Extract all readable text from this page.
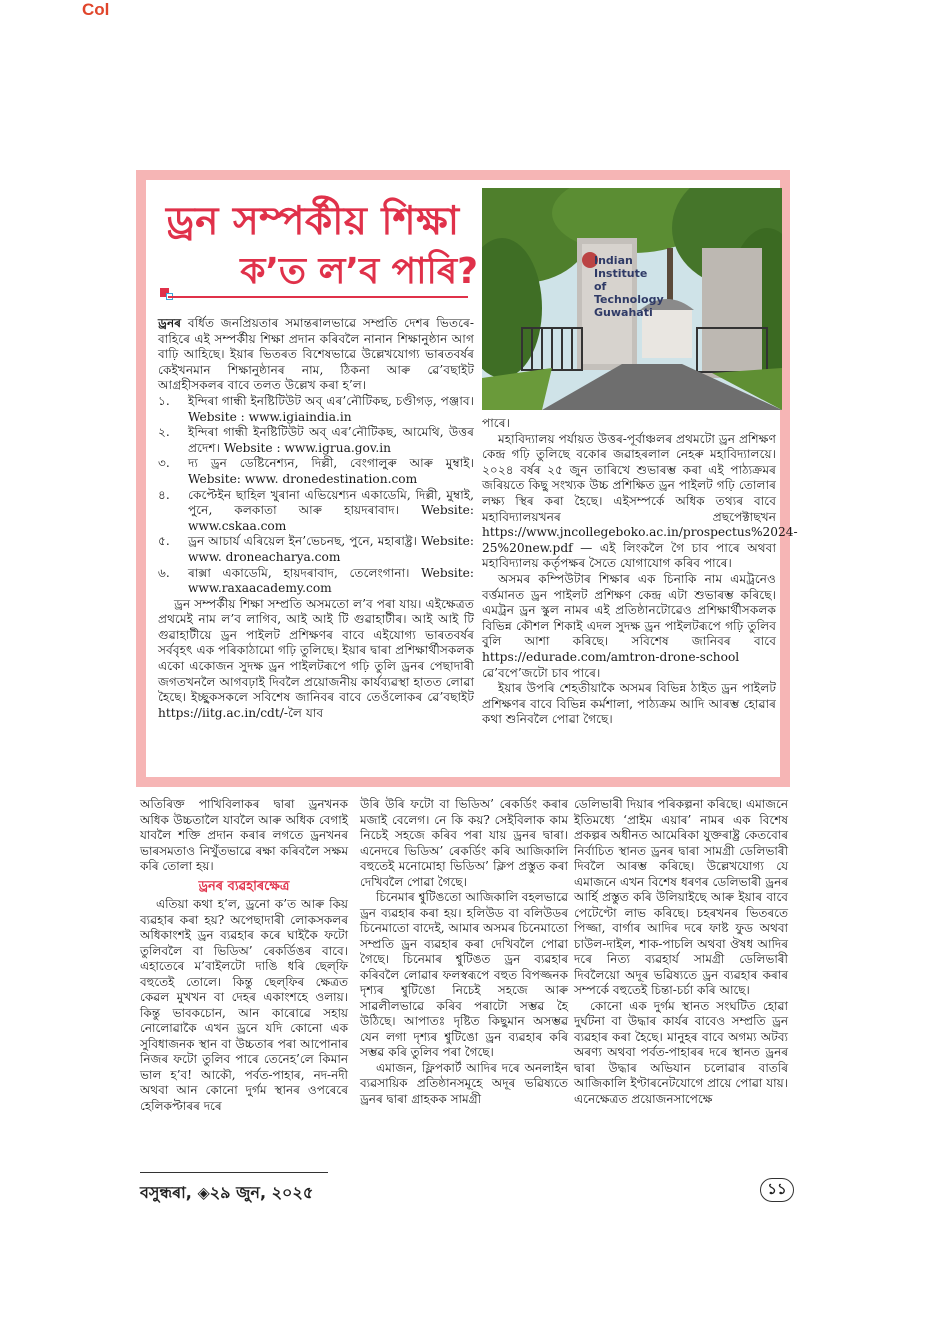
Col
ড্ৰন সম্পৰ্কীয় শিক্ষা
ক’ত ল’ব পাৰি?	Indian
Institute
of
Technology
Guwahati

ড্ৰনৰ বৰ্ধিত জনপ্ৰিয়তাৰ সমান্তৰালভাৱে সম্প্ৰতি দেশৰ ভিতৰে-বাহিৰে এই সম্পৰ্কীয় শিক্ষা প্ৰদান কৰিবলৈ নানান শিক্ষানুষ্ঠান আগ বাঢ়ি আহিছে। ইয়াৰ ভিতৰত বিশেষভাৱে উল্লেখযোগ্য ভাৰতবৰ্ষৰ কেইখনমান শিক্ষানুষ্ঠানৰ নাম, ঠিকনা আৰু ৱে’বছাইট আগ্ৰহীসকলৰ বাবে তলত উল্লেখ কৰা হ’ল।

১.	ইন্দিৰা গান্ধী ইনষ্টিটিউট অব্ এৰ’নৌটিকছ, চণ্ডীগড়, পঞ্জাব। Website : www.igiaindia.in
২.	ইন্দিৰা গান্ধী ইনষ্টিটিউট অব্ এৰ’নৌটিকছ, আমেথি, উত্তৰ প্ৰদেশ। Website : www.igrua.gov.in
৩.	দ্য ড্ৰন ডেষ্টিনেশ্যন, দিল্লী, বেংগালুৰু আৰু মুম্বাই। Website: www. dronedestination.com
৪.	কেপ্টেইন ছাহিল খুৰানা এভিয়েশ্যন একাডেমি, দিল্লী, মুম্বাই, পুনে, কলকাতা আৰু হায়দৰাবাদ। Website: www.cskaa.com
৫.	ড্ৰন আচাৰ্য এৰিয়েল ইন’ভেচনছ, পুনে, মহাৰাষ্ট্ৰ। Website: www. droneacharya.com
৬.	ৰাক্সা একাডেমি, হায়দৰাবাদ, তেলেংগানা। Website: www.raxaacademy.com

ড্ৰন সম্পৰ্কীয় শিক্ষা সম্প্ৰতি অসমতো ল’ব পৰা যায়। এইক্ষেত্ৰত প্ৰথমেই নাম ল’ব লাগিব, আই আই টি গুৱাহাটীৰ। আই আই টি গুৱাহাটীয়ে ড্ৰন পাইলট প্ৰশিক্ষণৰ বাবে এইযোগ্য ভাৰতবৰ্ষৰ সৰ্ববৃহৎ এক পৰিকাঠামো গঢ়ি তুলিছে। ইয়াৰ দ্বাৰা প্ৰশিক্ষাৰ্থীসকলক একো একোজন সুদক্ষ ড্ৰন পাইলটৰূপে গঢ়ি তুলি ড্ৰনৰ পেছাদাৰী জগতখনলৈ আগবঢ়াই দিবলৈ প্ৰয়োজনীয় কাৰ্যব্যৱস্থা হাতত লোৱা হৈছে। ইচ্ছুকসকলে সবিশেষ জানিবৰ বাবে তেওঁলোকৰ ৱে’বছাইট https://iitg.ac.in/cdt/-লৈ যাব

পাৰে।

মহাবিদ্যালয় পৰ্যায়ত উত্তৰ-পূৰ্বাঞ্চলৰ প্ৰথমটো ড্ৰন প্ৰশিক্ষণ কেন্দ্ৰ গঢ়ি তুলিছে বকোৰ জৱাহৰলাল নেহৰু মহাবিদ্যালয়ে। ২০২৪ বৰ্ষৰ ২৫ জুন তাৰিখে শুভাৰম্ভ কৰা এই পাঠ্যক্ৰমৰ জৰিয়তে কিছু সংখ্যক উচ্চ প্ৰশিক্ষিত ড্ৰন পাইলট গঢ়ি তোলাৰ লক্ষ্য স্থিৰ কৰা হৈছে। এইসম্পৰ্কে অধিক তথ্যৰ বাবে মহাবিদ্যালয়খনৰ প্ৰছপেক্টাছখন https://www.jncollegeboko.ac.in/prospectus%2024-25%20new.pdf — এই লিংকলৈ গৈ চাব পাৰে অথবা মহাবিদ্যালয় কৰ্তৃপক্ষৰ সৈতে যোগাযোগ কৰিব পাৰে।

অসমৰ কম্পিউটাৰ শিক্ষাৰ এক চিনাকি নাম এমট্ৰনেও বৰ্ত্তমানত ড্ৰন পাইলট প্ৰশিক্ষণ কেন্দ্ৰ এটা শুভাৰম্ভ কৰিছে। এমট্ৰন ড্ৰন স্কুল নামৰ এই প্ৰতিষ্ঠানটোৱেও প্ৰশিক্ষাৰ্থীসকলক বিভিন্ন কৌশল শিকাই এদল সুদক্ষ ড্ৰন পাইলটৰূপে গঢ়ি তুলিব বুলি আশা কৰিছে। সবিশেষ জানিবৰ বাবে https://edurade.com/amtron-drone-school ৱে’বপে’জটো চাব পাৰে।

ইয়াৰ উপৰি শেহতীয়াকৈ অসমৰ বিভিন্ন ঠাইত ড্ৰন পাইলট প্ৰশিক্ষণৰ বাবে বিভিন্ন কৰ্মশালা, পাঠ্যক্ৰম আদি আৰম্ভ হোৱাৰ কথা শুনিবলৈ পোৱা গৈছে।

অতিৰিক্ত পাখিবিলাকৰ দ্বাৰা ড্ৰনখনক অধিক উচ্চতালৈ যাবলৈ আৰু অধিক বেগাই যাবলৈ শক্তি প্ৰদান কৰাৰ লগতে ড্ৰনখনৰ ভাৰসমতাও নিখুঁতভাৱে ৰক্ষা কৰিবলৈ সক্ষম কৰি তোলা হয়।

ড্ৰনৰ ব্যৱহাৰক্ষেত্ৰ

এতিয়া কথা হ’ল, ড্ৰনো ক’ত আৰু কিয় ব্যৱহাৰ কৰা হয়? অপেছাদাৰী লোকসকলৰ অধিকাংশই ড্ৰন ব্যৱহাৰ কৰে ঘাইকৈ ফটো তুলিবলৈ বা ভিডিঅ’ ৰেকৰ্ডিঙৰ বাবে। এহাতেৰে ম’বাইলটো দাঙি ধৰি ছেল্‌ফি বহুতেই তোলে। কিন্তু ছেল্‌ফিৰ ক্ষেত্ৰত কেৱল মুখখন বা দেহৰ একাংশহে ওলায়। কিন্তু ভাবকচোন, আন কাৰোৱে সহায় নোলোৱাকৈ এখন ড্ৰনে যদি কোনো এক সুবিধাজনক স্থান বা উচ্চতাৰ পৰা আপোনাৰ নিজৰ ফটো তুলিব পাৰে তেনেহ’লে কিমান ভাল হ’ব! আকৌ, পৰ্বত-পাহাৰ, নদ-নদী অথবা আন কোনো দুৰ্গম স্থানৰ ওপৰেৰে হেলিকপ্টাৰৰ দৰে

উৰি উৰি ফটো বা ভিডিঅ’ ৰেকৰ্ডিং কৰাৰ মজাই বেলেগ। নে কি কয়? সেইবিলাক কাম নিচেই সহজে কৰিব পৰা যায় ড্ৰনৰ দ্বাৰা। এনেদৰে ভিডিঅ’ ৰেকৰ্ডিং কৰি আজিকালি বহুতেই মনোমোহা ভিডিঅ’ ক্লিপ প্ৰস্তুত কৰা দেখিবলৈ পোৱা গৈছে।

চিনেমাৰ শ্বুটিঙতো আজিকালি বহলভাৱে ড্ৰন ব্যৱহাৰ কৰা হয়। হলিউড বা বলিউডৰ চিনেমাতো বাদেই, আমাৰ অসমৰ চিনেমাতো সম্প্ৰতি ড্ৰন ব্যৱহাৰ কৰা দেখিবলৈ পোৱা গৈছে। চিনেমাৰ শ্বুটিঙত ড্ৰন ব্যৱহাৰ কৰিবলৈ লোৱাৰ ফলস্বৰূপে বহুত বিপজ্জনক দৃশ্যৰ শ্বুটিঙো নিচেই সহজে আৰু সাৱলীলভাৱে কৰিব পৰাটো সম্ভৱ হৈ উঠিছে। আপাতঃ দৃষ্টিত কিছুমান অসম্ভৱ যেন লগা দৃশ্যৰ শ্বুটিঙো ড্ৰন ব্যৱহাৰ কৰি সম্ভৱ কৰি তুলিব পৰা গৈছে।

এমাজন, ফ্লিপকাৰ্ট আদিৰ দৰে অনলাইন ব্যৱসায়িক প্ৰতিষ্ঠানসমূহে অদূৰ ভৱিষ্যতে ড্ৰনৰ দ্বাৰা গ্ৰাহকক সামগ্ৰী

ডেলিভাৰী দিয়াৰ পৰিকল্পনা কৰিছে। এমাজনে ইতিমধ্যে ‘প্ৰাইম এয়াৰ’ নামৰ এক বিশেষ প্ৰকল্পৰ অধীনত আমেৰিকা যুক্তৰাষ্ট্ৰ কেতবোৰ নিৰ্বাচিত স্থানত ড্ৰনৰ দ্বাৰা সামগ্ৰী ডেলিভাৰী দিবলৈ আৰম্ভ কৰিছে। উল্লেখযোগ্য যে এমাজনে এখন বিশেষ ধৰণৰ ডেলিভাৰী ড্ৰনৰ আৰ্হি প্ৰস্তুত কৰি উলিয়াইছে আৰু ইয়াৰ বাবে পেটেণ্টো লাভ কৰিছে। চহৰখনৰ ভিতৰতে পিজ্জা, বাৰ্গাৰ আদিৰ দৰে ফাষ্ট ফুড অথবা চাউল-দাইল, শাক-পাচলি অথবা ঔষধ আদিৰ দৰে নিত্য ব্যৱহাৰ্য সামগ্ৰী ডেলিভাৰী দিবলৈয়ো অদূৰ ভৱিষ্যতে ড্ৰন ব্যৱহাৰ কৰাৰ সম্পৰ্কে বহুতেই চিন্তা-চৰ্চা কৰি আছে।

কোনো এক দুৰ্গম স্থানত সংঘটিত হোৱা দুৰ্ঘটনা বা উদ্ধাৰ কাৰ্যৰ বাবেও সম্প্ৰতি ড্ৰন ব্যৱহাৰ কৰা হৈছে। মানুহৰ বাবে অগম্য অটব্য অৰণ্য অথবা পৰ্বত-পাহাৰৰ দৰে স্থানত ড্ৰনৰ দ্বাৰা উদ্ধাৰ অভিযান চলোৱাৰ বাতৰি আজিকালি ইণ্টাৰনেটযোগে প্ৰায়ে পোৱা যায়। এনেক্ষেত্ৰত প্ৰয়োজনসাপেক্ষে

বসুন্ধৰা, ◈২৯ জুন, ২০২৫	১১
